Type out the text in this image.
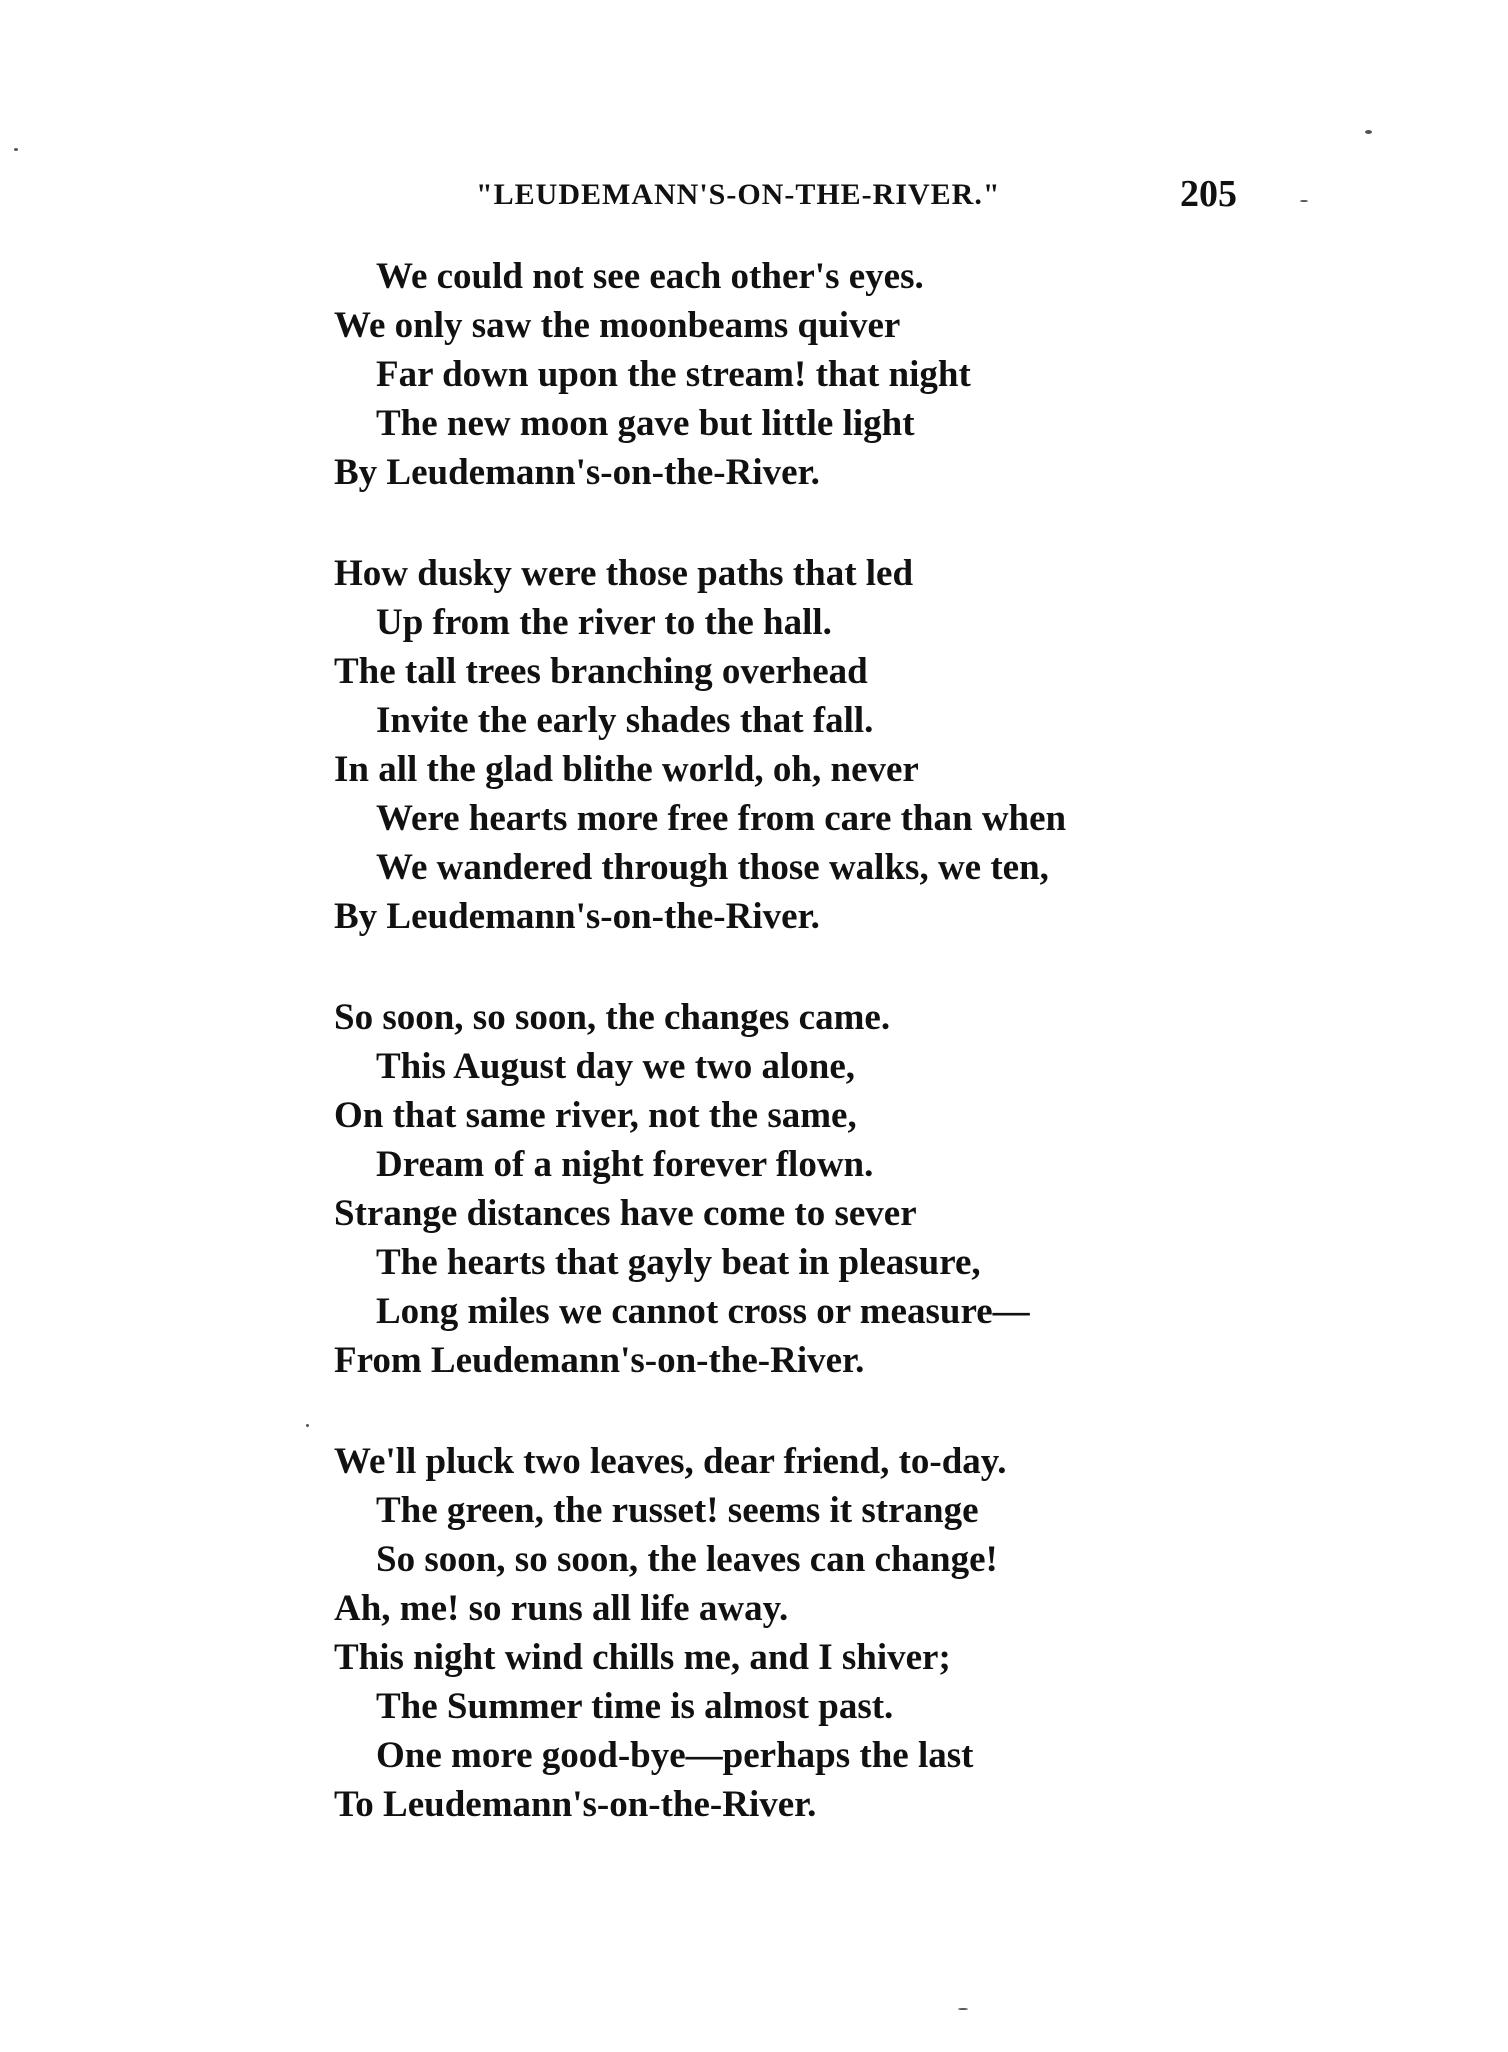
"LEUDEMANN'S-ON-THE-RIVER."	205
We could not see each other's eyes.
We only saw the moonbeams quiver
Far down upon the stream! that night
The new moon gave but little light
By Leudemann's-on-the-River.
How dusky were those paths that led
Up from the river to the hall.
The tall trees branching overhead
Invite the early shades that fall.
In all the glad blithe world, oh, never
Were hearts more free from care than when
We wandered through those walks, we ten,
By Leudemann's-on-the-River.
So soon, so soon, the changes came.
This August day we two alone,
On that same river, not the same,
Dream of a night forever flown.
Strange distances have come to sever
The hearts that gayly beat in pleasure,
Long miles we cannot cross or measure—
From Leudemann's-on-the-River.
We'll pluck two leaves, dear friend, to-day.
The green, the russet! seems it strange
So soon, so soon, the leaves can change!
Ah, me! so runs all life away.
This night wind chills me, and I shiver;
The Summer time is almost past.
One more good-bye—perhaps the last
To Leudemann's-on-the-River.
